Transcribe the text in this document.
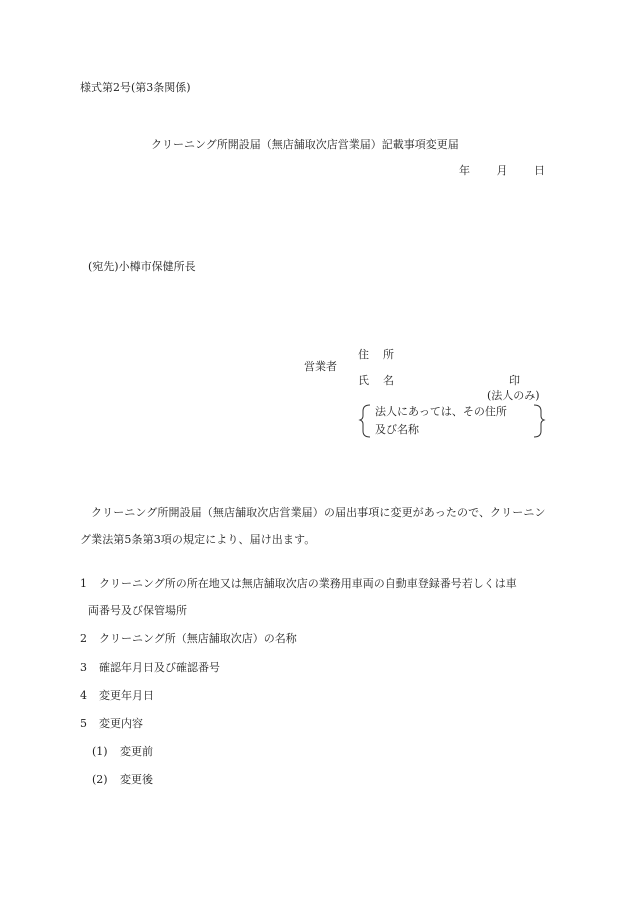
様式第2号(第3条関係)
クリーニング所開設届（無店舗取次店営業届）記載事項変更届
年 月 日
(宛先)小樽市保健所長
営業者
住 所
氏 名	印
(法人のみ)
法人にあっては、その住所
及び名称
クリーニング所開設届（無店舗取次店営業届）の届出事項に変更があったので、クリーニング業法第5条第3項の規定により、届け出ます。
1 クリーニング所の所在地又は無店舗取次店の業務用車両の自動車登録番号若しくは車
両番号及び保管場所
2 クリーニング所（無店舗取次店）の名称
3 確認年月日及び確認番号
4 変更年月日
5 変更内容
(1) 変更前
(2) 変更後
